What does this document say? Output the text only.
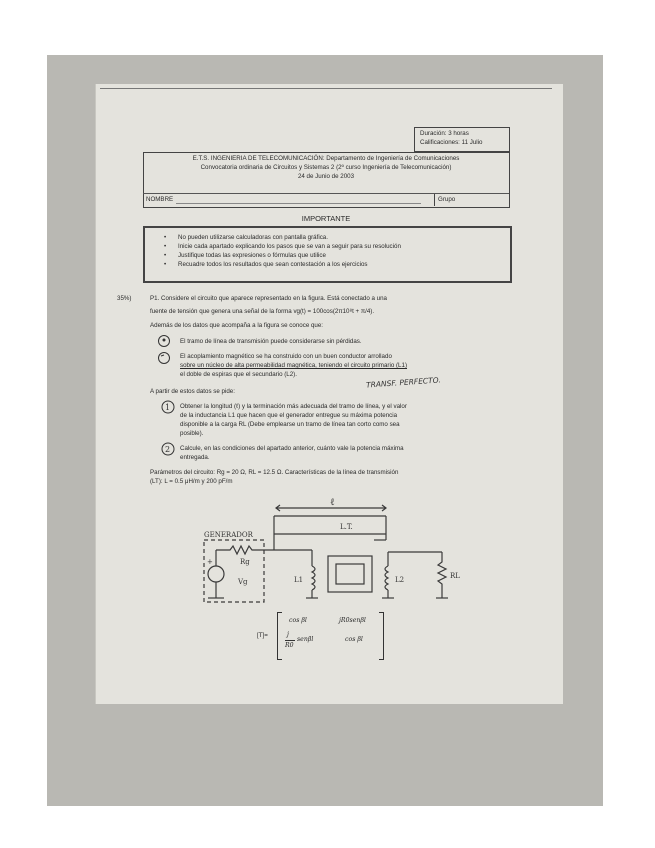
Duración: 3 horas
Calificaciones: 11 Julio
E.T.S. INGENIERIA DE TELECOMUNICACIÓN: Departamento de Ingeniería de Comunicaciones
Convocatoria ordinaria de Circuitos y Sistemas 2 (2º curso Ingeniería de Telecomunicación)
24 de Junio de 2003
NOMBRE	Grupo
IMPORTANTE
• No pueden utilizarse calculadoras con pantalla gráfica.
• Inicie cada apartado explicando los pasos que se van a seguir para su resolución
• Justifique todas las expresiones o fórmulas que utilice
• Recuadre todos los resultados que sean contestación a los ejercicios
35%)	P1. Considere el circuito que aparece representado en la figura. Está conectado a una
fuente de tensión que genera una señal de la forma vg(t) = 100cos(2π10⁸t + π/4).
Además de los datos que acompaña a la figura se conoce que:
El tramo de línea de transmisión puede considerarse sin pérdidas.
El acoplamiento magnético se ha construido con un buen conductor arrollado
sobre un núcleo de alta permeabilidad magnética, teniendo el circuito primario (L1)
el doble de espiras que el secundario (L2).
TRANSF. PERFECTO.
A partir de estos datos se pide:
1
2
Obtener la longitud (ℓ) y la terminación más adecuada del tramo de línea, y el valor
de la inductancia L1 que hacen que el generador entregue su máxima potencia
disponible a la carga RL (Debe emplearse un tramo de línea tan corto como sea
posible).
Calcule, en las condiciones del apartado anterior, cuánto vale la potencia máxima
entregada.
Parámetros del circuito: Rg = 20 Ω, RL = 12.5 Ω. Características de la línea de transmisión
(LT): L = 0.5 μH/m y 200 pF/m
ℓ
L.T.
GENERADOR
+	Rg
Vg	L1	L2	RL
[T]=
cos βl	jR0senβl
j
R0
senβl	cos βl
